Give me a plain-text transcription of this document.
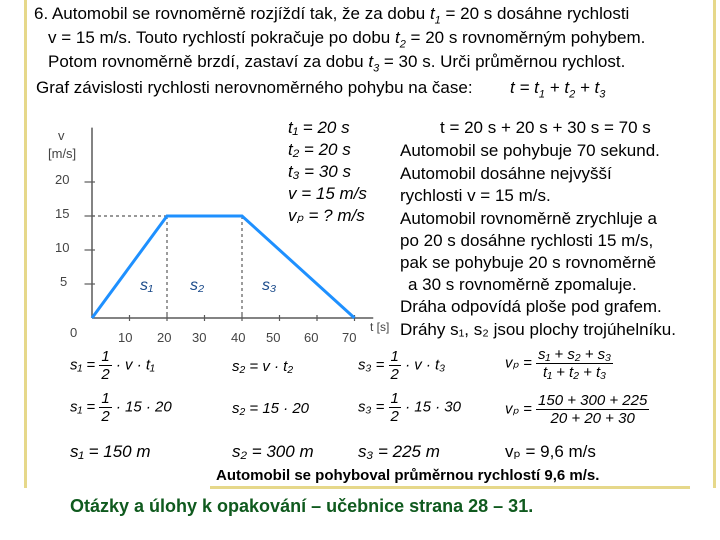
6. Automobil se rovnoměrně rozjíždí tak, že za dobu $t_1 = 20$ s dosáhne rychlosti
v = 15 m/s. Touto rychlostí pokračuje po dobu $t_2 = 20$ s rovnoměrným pohybem.
Potom rovnoměrně brzdí, zastaví za dobu $t_3 = 30$ s. Urči průměrnou rychlost.
Graf závislosti rychlosti nerovnoměrného pohybu na čase: $t = t_1 + t_2 + t_3$
v
[m/s]
20
15
10
5
0	10 20 30 40 50 60 70
t [s]
s₁ s₂	s₃
t₁ = 20 s
t₂ = 20 s
t₃ = 30 s
v = 15 m/s
vₚ = ? m/s
t = 20 s + 20 s + 30 s = 70 s
Automobil se pohybuje 70 sekund.
Automobil dosáhne nejvyšší
rychlosti v = 15 m/s.
Automobil rovnoměrně zrychluje a
po 20 s dosáhne rychlosti 15 m/s,
pak se pohybuje 20 s rovnoměrně
a 30 s rovnoměrně zpomaluje.
Dráha odpovídá ploše pod grafem.
Dráhy s₁, s₂ jsou plochy trojúhelníku.
$s_1 = \frac{1}{2} \cdot v \cdot t_1$	s₂ = v · t₂	$s_3 = \frac{1}{2} \cdot v \cdot t_3$	$v_p = \frac{\text{s₁ + s₂ + s₃}}{\text{t₁ + t₂ + t₃}}$
$s_1 = \frac{1}{2} \cdot 15 \cdot 20$	s₂ = 15 · 20	$s_3 = \frac{1}{2} \cdot 15 \cdot 30$	$v_p = \frac{150 + 300 + 225}{20 + 20 + 30}$
s₁ = 150 m	s₂ = 300 m	s₃ = 225 m	vₚ = 9,6 m/s
Automobil se pohyboval průměrnou rychlostí 9,6 m/s.
Otázky a úlohy k opakování – učebnice strana 28 – 31.
